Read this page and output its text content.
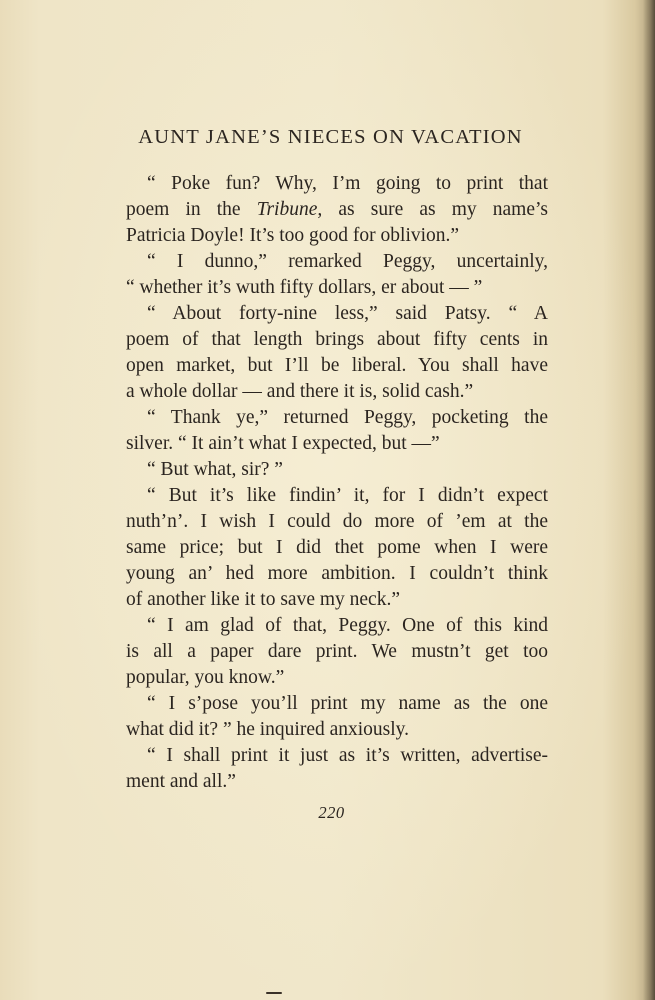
AUNT JANE’S NIECES ON VACATION

“ Poke fun? Why, I’m going to print that
poem in the Tribune, as sure as my name’s
Patricia Doyle! It’s too good for oblivion.”

“ I dunno,” remarked Peggy, uncertainly,
“ whether it’s wuth fifty dollars, er about — ”

“ About forty-nine less,” said Patsy. “ A
poem of that length brings about fifty cents in
open market, but I’ll be liberal. You shall have
a whole dollar — and there it is, solid cash.”

“ Thank ye,” returned Peggy, pocketing the
silver. “ It ain’t what I expected, but —”

“ But what, sir? ”

“ But it’s like findin’ it, for I didn’t expect
nuth’n’. I wish I could do more of ’em at the
same price; but I did thet pome when I were
young an’ hed more ambition. I couldn’t think
of another like it to save my neck.”

“ I am glad of that, Peggy. One of this kind
is all a paper dare print. We mustn’t get too
popular, you know.”

“ I s’pose you’ll print my name as the one
what did it? ” he inquired anxiously.

“ I shall print it just as it’s written, advertise-
ment and all.”

220
